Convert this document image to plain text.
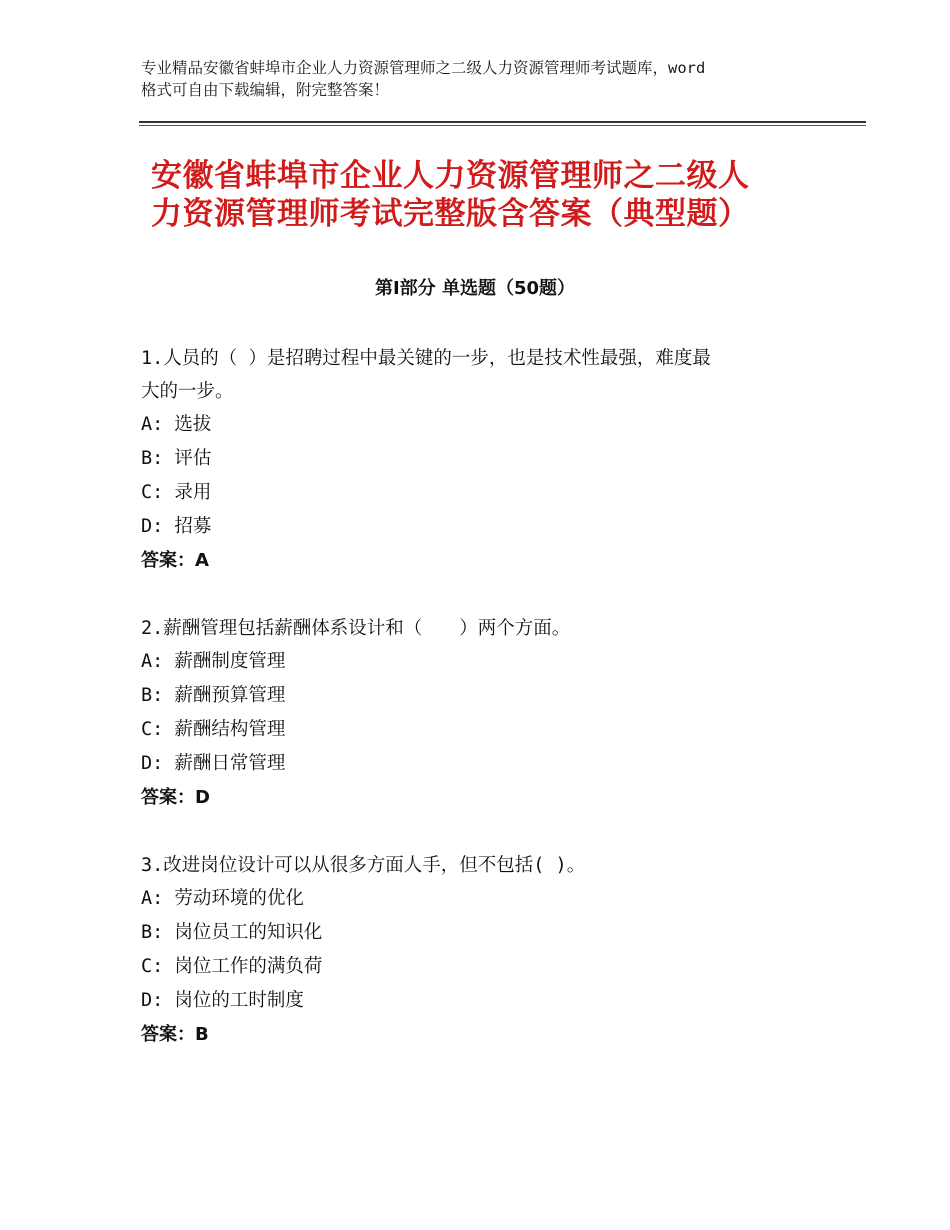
专业精品安徽省蚌埠市企业人力资源管理师之二级人力资源管理师考试题库，word
格式可自由下载编辑，附完整答案！
安徽省蚌埠市企业人力资源管理师之二级人
力资源管理师考试完整版含答案（典型题）
第Ⅰ部分 单选题（50题）

1.人员的（ ）是招聘过程中最关键的一步，也是技术性最强，难度最

大的一步。

A: 选拔

B: 评估

C: 录用

D: 招募

答案：A

2.薪酬管理包括薪酬体系设计和（　　）两个方面。

A: 薪酬制度管理

B: 薪酬预算管理

C: 薪酬结构管理

D: 薪酬日常管理

答案：D

3.改进岗位设计可以从很多方面人手，但不包括( )。

A: 劳动环境的优化

B: 岗位员工的知识化

C: 岗位工作的满负荷

D: 岗位的工时制度

答案：B
